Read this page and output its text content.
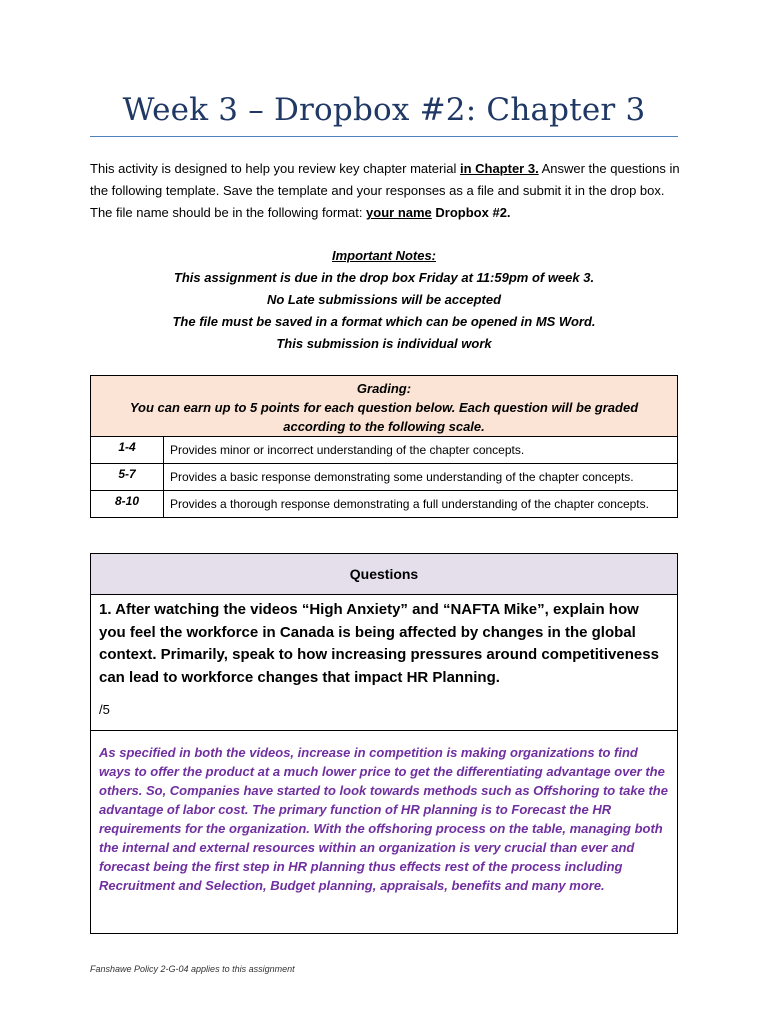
Week 3 – Dropbox #2: Chapter 3
This activity is designed to help you review key chapter material in Chapter 3. Answer the questions in the following template. Save the template and your responses as a file and submit it in the drop box. The file name should be in the following format: your name Dropbox #2.
Important Notes:
This assignment is due in the drop box Friday at 11:59pm of week 3.
No Late submissions will be accepted
The file must be saved in a format which can be opened in MS Word.
This submission is individual work
Grading:
You can earn up to 5 points for each question below. Each question will be graded according to the following scale.	

1-4	Provides minor or incorrect understanding of the chapter concepts.
5-7	Provides a basic response demonstrating some understanding of the chapter concepts.
8-10	Provides a thorough response demonstrating a full understanding of the chapter concepts.
Questions
1. After watching the videos “High Anxiety” and “NAFTA Mike”, explain how you feel the workforce in Canada is being affected by changes in the global context. Primarily, speak to how increasing pressures around competitiveness can lead to workforce changes that impact HR Planning.
/5

As specified in both the videos, increase in competition is making organizations to find ways to offer the product at a much lower price to get the differentiating advantage over the others. So, Companies have started to look towards methods such as Offshoring to take the advantage of labor cost. The primary function of HR planning is to Forecast the HR requirements for the organization. With the offshoring process on the table, managing both the internal and external resources within an organization is very crucial than ever and forecast being the first step in HR planning thus effects rest of the process including Recruitment and Selection, Budget planning, appraisals, benefits and many more.
Fanshawe Policy 2-G-04 applies to this assignment
